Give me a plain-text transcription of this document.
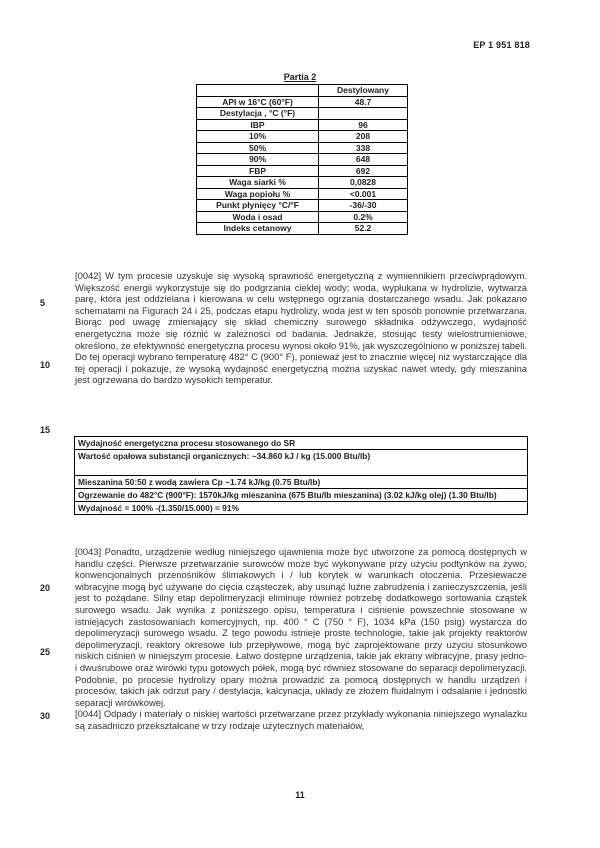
EP 1 951 818
Partia 2
	Destylowany
API w 16°C (60°F)	48.7
Destylacja , °C (°F)	
IBP	96
10%	208
50%	338
90%	648
FBP	692
Waga siarki %	0,0828
Waga popiołu %	<0.001
Punkt płynięcy °C/°F	-36/-30
Woda i osad	0.2%
Indeks cetanowy	52.2
5
10
15
20
25
30

[0042] W tym procesie uzyskuje się wysoką sprawność energetyczną z wymiennikiem przeciwprądowym. Większość energii wykorzystuje się do podgrzania cieklej wody; woda, wypłukana w hydrolizie, wytwarza parę, która jest oddzielana i kierowana w celu wstępnego ogrzania dostarczanego wsadu. Jak pokazano schematami na Figurach 24 i 25, podczas etapu hydrolizy, woda jest w ten sposób ponownie przetwarzana. Biorąc pod uwagę zmieniający się skład chemiczny surowego składnika odżywczego, wydajność energetyczna może się różnić w zależności od badania. Jednakże, stosując testy wielostrumieniowe, określono, że efektywność energetyczna procesu wynosi około 91%, jak wyszczególniono w poniższej tabeli. Do tej operacji wybrano temperaturę 482° C (900° F), ponieważ jest to znacznie więcej niż wystarczające dla tej operacji i pokazuje, że wysoką wydajność energetyczną można uzyskać nawet wtedy, gdy mieszanina jest ogrzewana do bardzo wysokich temperatur.

Wydajność energetyczna procesu stosowanego do SR
Wartość opałowa substancji organicznych: ~34.860 kJ / kg (15.000 Btu/lb)
Mieszanina 50:50 z wodą zawiera Cp ~1.74 kJ/kg (0.75 Btu/lb)
Ogrzewanie do 482°C (900°F): 1570kJ/kg mieszanina (675 Btu/lb mieszanina) (3.02 kJ/kg olej) (1.30 Btu/lb)
Wydajność = 100% -(1.350/15.000) = 91%

[0043] Ponadto, urządzenie według niniejszego ujawnienia może być utworzone za pomocą dostępnych w handlu części. Pierwsze przetwarzanie surowców może być wykonywane przy użyciu podtynków na żywo, konwencjonalnych przenośników ślimakowych i / lub korytek w warunkach otoczenia. Przesiewacze wibracyjne mogą być używane do cięcia cząsteczek, aby usunąć luźne zabrudzenia i zanieczyszczenia, jeśli jest to pożądane. Silny etap depolimeryzacji eliminuje również potrzebę dodatkowego sortowania cząstek surowego wsadu. Jak wynika z poniższego opisu, temperatura i ciśnienie powszechnie stosowane w istniejących zastosowaniach komercyjnych, np. 400 ° C (750 ° F), 1034 kPa (150 psig) wystarcza do depolimeryzacji surowego wsadu. Z tego powodu istnieje proste technologie, takie jak projekty reaktorów depolimeryzacji, reaktory okresowe lub przepływowe, mogą być zaprojektowane przy użyciu stosunkowo niskich ciśnień w niniejszym procesie. Łatwo dostępne urządzenia, takie jak ekrany wibracyjne, prasy jedno- i dwuśrubowe oraz wirówki typu gotowych półek, mogą być również stosowane do separacji depolimeryzacji. Podobnie, po procesie hydrolizy opary można prowadzić za pomocą dostępnych w handlu urządzeń i procesów, takich jak odrzut pary / destylacja, kalcynacja, układy ze złożem fluidalnym i odsalanie i jednostki separacji wirówkowej.

[0044] Odpady i materiały o niskiej wartości przetwarzane przez przykłady wykonania niniejszego wynalazku są zasadniczo przekształcane w trzy rodzaje użytecznych materiałów,

11
